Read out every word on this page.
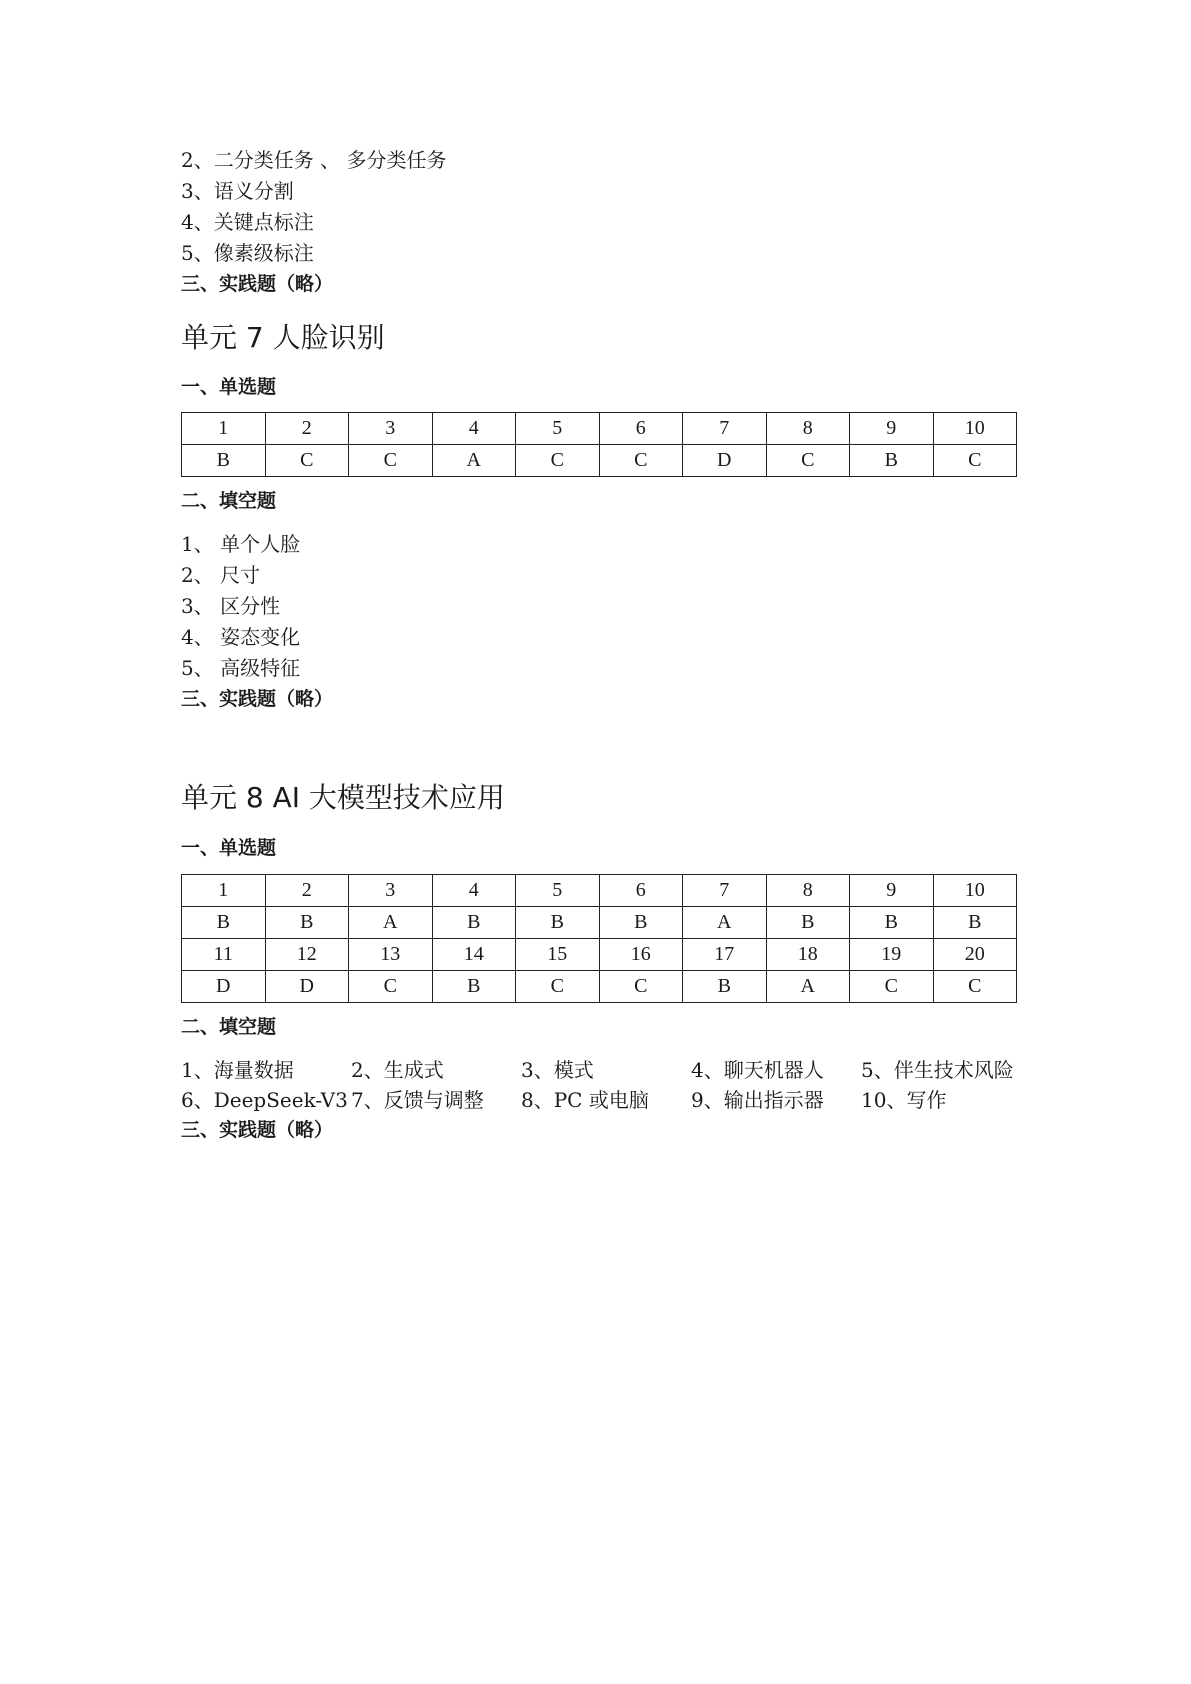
2、二分类任务 、 多分类任务
3、语义分割
4、关键点标注
5、像素级标注
三、实践题（略）
单元 7 人脸识别
一、单选题
1	2	3	4	5	6	7	8	9	10
B	C	C	A	C	C	D	C	B	C
二、填空题
1、 单个人脸
2、 尺寸
3、 区分性
4、 姿态变化
5、 高级特征
三、实践题（略）
单元 8 AI 大模型技术应用
一、单选题
1	2	3	4	5	6	7	8	9	10
B	B	A	B	B	B	A	B	B	B
11	12	13	14	15	16	17	18	19	20
D	D	C	B	C	C	B	A	C	C
二、填空题
1、海量数据	2、生成式	3、模式	4、聊天机器人	5、伴生技术风险
6、DeepSeek-V3 7、反馈与调整	8、PC 或电脑	9、输出指示器	10、写作
三、实践题（略）
